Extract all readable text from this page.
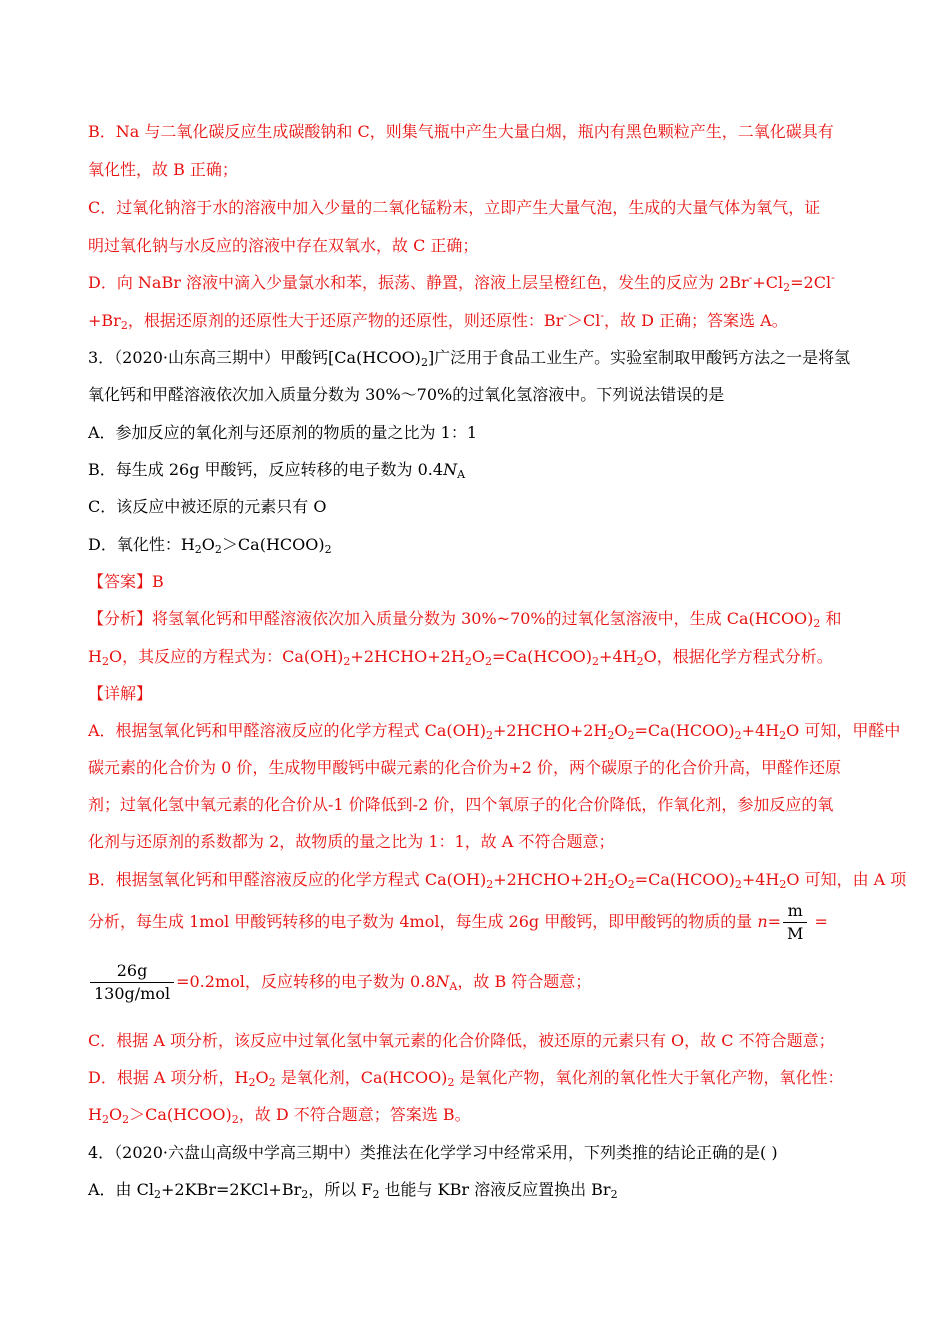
B．Na 与二氧化碳反应生成碳酸钠和 C，则集气瓶中产生大量白烟，瓶内有黑色颗粒产生，二氧化碳具有
氧化性，故 B 正确；
C．过氧化钠溶于水的溶液中加入少量的二氧化锰粉末，立即产生大量气泡，生成的大量气体为氧气，证
明过氧化钠与水反应的溶液中存在双氧水，故 C 正确；
D．向 NaBr 溶液中滴入少量氯水和苯，振荡、静置，溶液上层呈橙红色，发生的反应为 $2Br^-+Cl_2=2Cl^-$
$+Br_2$，根据还原剂的还原性大于还原产物的还原性，则还原性：Br-＞Cl-，故 D 正确；答案选 A。
3．（2020·山东高三期中）甲酸钙$[Ca(HCOO)_2]$广泛用于食品工业生产。实验室制取甲酸钙方法之一是将氢
氧化钙和甲醛溶液依次加入质量分数为 30%～70%的过氧化氢溶液中。下列说法错误的是
A．参加反应的氧化剂与还原剂的物质的量之比为 1：1
B．每生成 26g 甲酸钙，反应转移的电子数为 $0.4N_A$
C．该反应中被还原的元素只有 O
D．氧化性：$H_2O_2>Ca(HCOO)_2$
【答案】B
【分析】将氢氧化钙和甲醛溶液依次加入质量分数为 30%~70%的过氧化氢溶液中，生成 $Ca(HCOO)_2$ 和
$H_2O$，其反应的方程式为：$Ca(OH)_2+2HCHO+2H_2O_2=Ca(HCOO)_2+4H_2O$，根据化学方程式分析。
【详解】
A．根据氢氧化钙和甲醛溶液反应的化学方程式 $Ca(OH)_2+2HCHO+2H_2O_2=Ca(HCOO)_2+4H_2O$ 可知，甲醛中
碳元素的化合价为 0 价，生成物甲酸钙中碳元素的化合价为+2 价，两个碳原子的化合价升高，甲醛作还原
剂；过氧化氢中氧元素的化合价从-1 价降低到-2 价，四个氧原子的化合价降低，作氧化剂，参加反应的氧
化剂与还原剂的系数都为 2，故物质的量之比为 1：1，故 A 不符合题意；
B．根据氢氧化钙和甲醛溶液反应的化学方程式 $Ca(OH)_2+2HCHO+2H_2O_2=Ca(HCOO)_2+4H_2O$ 可知，由 A 项
分析，每生成 1mol 甲酸钙转移的电子数为 4mol，每生成 26g 甲酸钙，即甲酸钙的物质的量 $n= \frac{m}{M}$ =
$\frac{26g}{\text{130g/mol}} =0.2mol$，反应转移的电子数为 $0.8N_A$，故 B 符合题意；
C．根据 A 项分析，该反应中过氧化氢中氧元素的化合价降低，被还原的元素只有 O，故 C 不符合题意；
D．根据 A 项分析，$H_2O_2$ 是氧化剂，$Ca(HCOO)_2$ 是氧化产物，氧化剂的氧化性大于氧化产物，氧化性：
$H_2O_2>Ca(HCOO)_2$，故 D 不符合题意；答案选 B。
4．（2020·六盘山高级中学高三期中）类推法在化学学习中经常采用，下列类推的结论正确的是( )
A．由 $Cl_2+2KBr=2KCl+Br_2$，所以 $F_2$ 也能与 KBr 溶液反应置换出 $Br_2$
